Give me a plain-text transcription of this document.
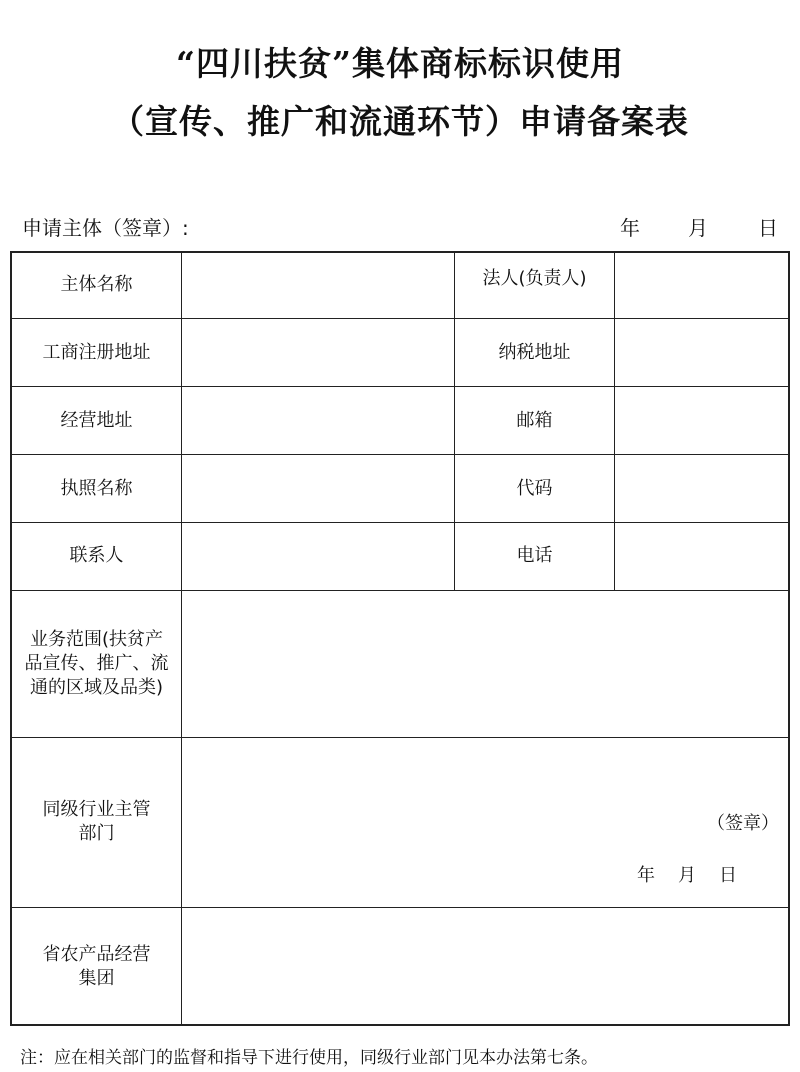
“四川扶贫”集体商标标识使用
（宣传、推广和流通环节）申请备案表
申请主体（签章）:	年 月	日
主体名称	法人(负责人)
工商注册地址	纳税地址
经营地址	邮箱
执照名称	代码
联系人	电话
业务范围(扶贫产
品宣传、推广、流
通的区域及品类)
同级行业主管
部门	（签章）
年 月 日
省农产品经营
集团
注：应在相关部门的监督和指导下进行使用，同级行业部门见本办法第七条。
